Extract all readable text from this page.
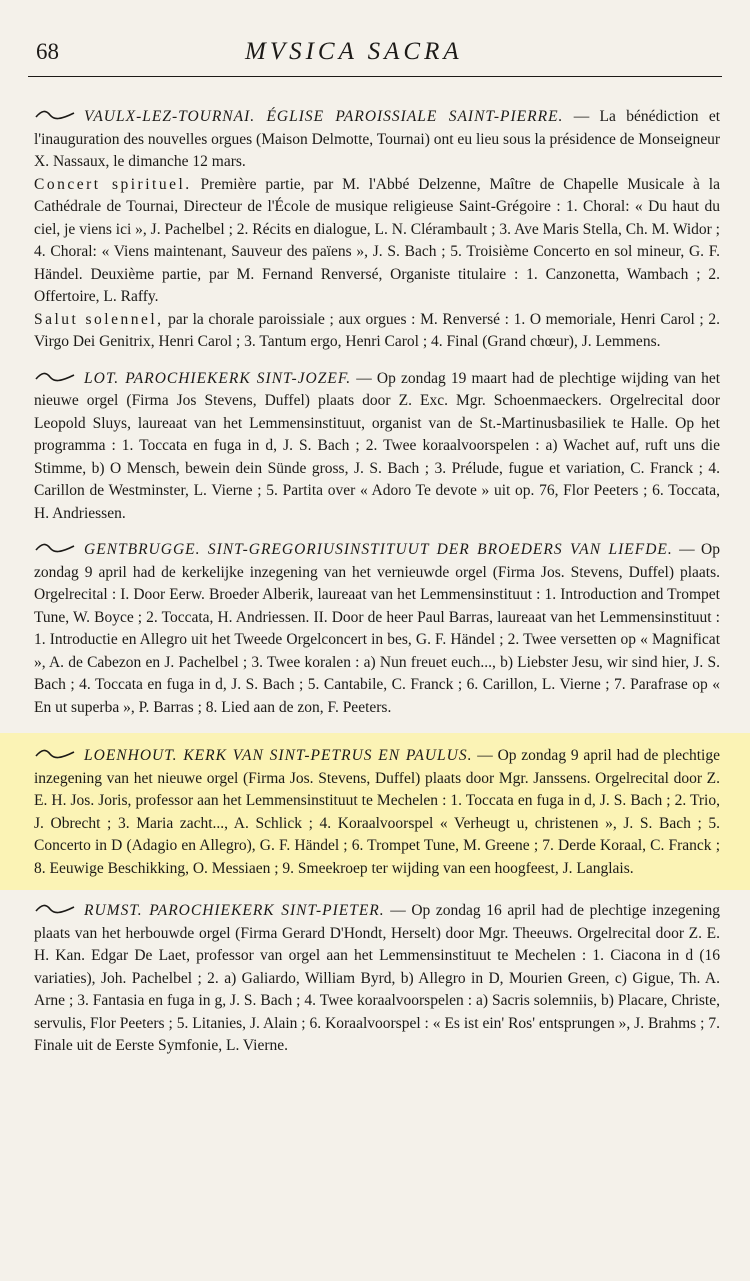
68	MVSICA SACRA

VAULX-LEZ-TOURNAI. ÉGLISE PAROISSIALE SAINT-PIERRE. — La bénédiction et l'inauguration des nouvelles orgues (Maison Delmotte, Tournai) ont eu lieu sous la présidence de Monseigneur X. Nassaux, le dimanche 12 mars.

Concert spirituel. Première partie, par M. l'Abbé Delzenne, Maître de Chapelle Musicale à la Cathédrale de Tournai, Directeur de l'École de musique religieuse Saint-Grégoire : 1. Choral: « Du haut du ciel, je viens ici », J. Pachelbel ; 2. Récits en dialogue, L. N. Clérambault ; 3. Ave Maris Stella, Ch. M. Widor ; 4. Choral: « Viens maintenant, Sauveur des païens », J. S. Bach ; 5. Troisième Concerto en sol mineur, G. F. Händel. Deuxième partie, par M. Fernand Renversé, Organiste titulaire : 1. Canzonetta, Wambach ; 2. Offertoire, L. Raffy.

Salut solennel, par la chorale paroissiale ; aux orgues : M. Renversé : 1. O memoriale, Henri Carol ; 2. Virgo Dei Genitrix, Henri Carol ; 3. Tantum ergo, Henri Carol ; 4. Final (Grand chœur), J. Lemmens.

LOT. PAROCHIEKERK SINT-JOZEF. — Op zondag 19 maart had de plechtige wijding van het nieuwe orgel (Firma Jos Stevens, Duffel) plaats door Z. Exc. Mgr. Schoenmaeckers. Orgelrecital door Leopold Sluys, laureaat van het Lemmensinstituut, organist van de St.-Martinusbasiliek te Halle. Op het programma : 1. Toccata en fuga in d, J. S. Bach ; 2. Twee koraalvoorspelen : a) Wachet auf, ruft uns die Stimme, b) O Mensch, bewein dein Sünde gross, J. S. Bach ; 3. Prélude, fugue et variation, C. Franck ; 4. Carillon de Westminster, L. Vierne ; 5. Partita over « Adoro Te devote » uit op. 76, Flor Peeters ; 6. Toccata, H. Andriessen.

GENTBRUGGE. SINT-GREGORIUSINSTITUUT DER BROEDERS VAN LIEFDE. — Op zondag 9 april had de kerkelijke inzegening van het vernieuwde orgel (Firma Jos. Stevens, Duffel) plaats. Orgelrecital : I. Door Eerw. Broeder Alberik, laureaat van het Lemmensinstituut : 1. Introduction and Trompet Tune, W. Boyce ; 2. Toccata, H. Andriessen. II. Door de heer Paul Barras, laureaat van het Lemmensinstituut : 1. Introductie en Allegro uit het Tweede Orgelconcert in bes, G. F. Händel ; 2. Twee versetten op « Magnificat », A. de Cabezon en J. Pachelbel ; 3. Twee koralen : a) Nun freuet euch..., b) Liebster Jesu, wir sind hier, J. S. Bach ; 4. Toccata en fuga in d, J. S. Bach ; 5. Cantabile, C. Franck ; 6. Carillon, L. Vierne ; 7. Parafrase op « En ut superba », P. Barras ; 8. Lied aan de zon, F. Peeters.

LOENHOUT. KERK VAN SINT-PETRUS EN PAULUS. — Op zondag 9 april had de plechtige inzegening van het nieuwe orgel (Firma Jos. Stevens, Duffel) plaats door Mgr. Janssens. Orgelrecital door Z. E. H. Jos. Joris, professor aan het Lemmensinstituut te Mechelen : 1. Toccata en fuga in d, J. S. Bach ; 2. Trio, J. Obrecht ; 3. Maria zacht..., A. Schlick ; 4. Koraalvoorspel « Verheugt u, christenen », J. S. Bach ; 5. Concerto in D (Adagio en Allegro), G. F. Händel ; 6. Trompet Tune, M. Greene ; 7. Derde Koraal, C. Franck ; 8. Eeuwige Beschikking, O. Messiaen ; 9. Smeekroep ter wijding van een hoogfeest, J. Langlais.

RUMST. PAROCHIEKERK SINT-PIETER. — Op zondag 16 april had de plechtige inzegening plaats van het herbouwde orgel (Firma Gerard D'Hondt, Herselt) door Mgr. Theeuws. Orgelrecital door Z. E. H. Kan. Edgar De Laet, professor van orgel aan het Lemmensinstituut te Mechelen : 1. Ciacona in d (16 variaties), Joh. Pachelbel ; 2. a) Galiardo, William Byrd, b) Allegro in D, Mourien Green, c) Gigue, Th. A. Arne ; 3. Fantasia en fuga in g, J. S. Bach ; 4. Twee koraalvoorspelen : a) Sacris solemniis, b) Placare, Christe, servulis, Flor Peeters ; 5. Litanies, J. Alain ; 6. Koraalvoorspel : « Es ist ein' Ros' entsprungen », J. Brahms ; 7. Finale uit de Eerste Symfonie, L. Vierne.
